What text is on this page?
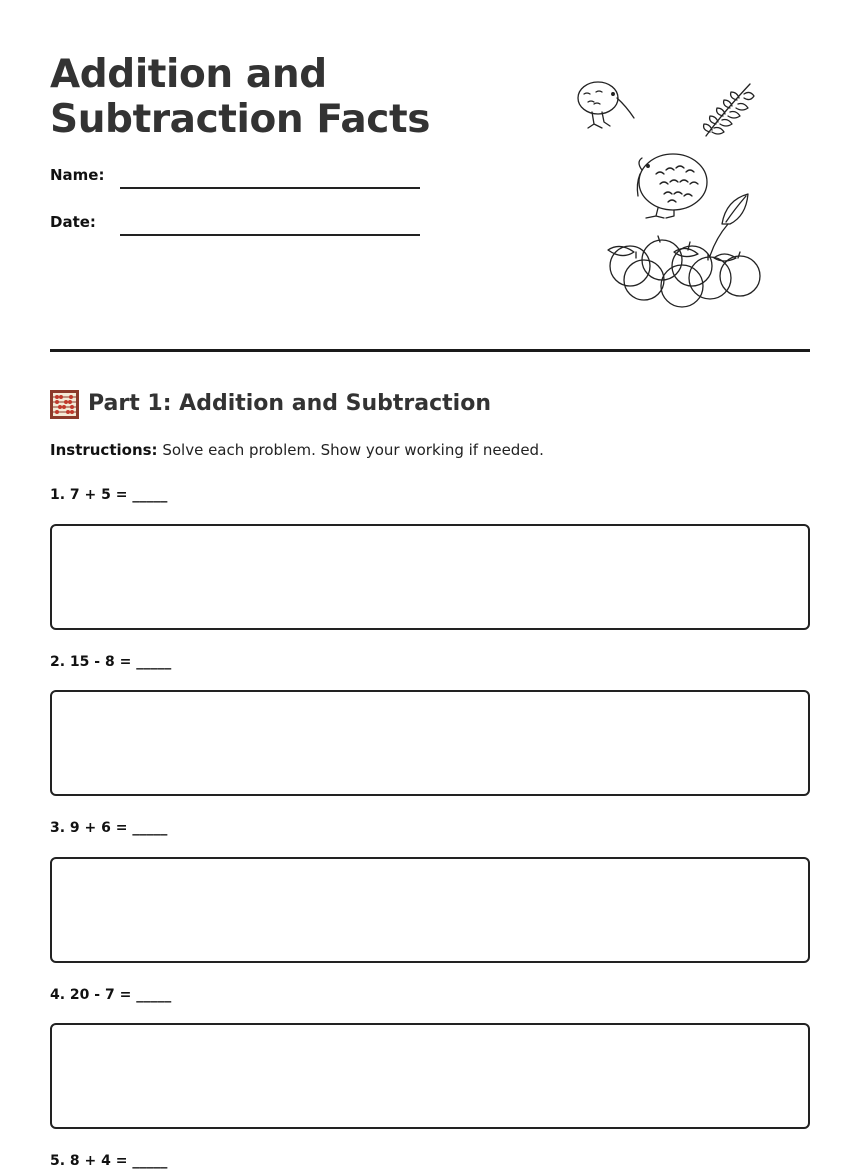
Addition and
Subtraction Facts
Name:
Date:
Part 1: Addition and Subtraction
Instructions: Solve each problem. Show your working if needed.
1. 7 + 5 = _____
2. 15 - 8 = _____
3. 9 + 6 = _____
4. 20 - 7 = _____
5. 8 + 4 = _____
